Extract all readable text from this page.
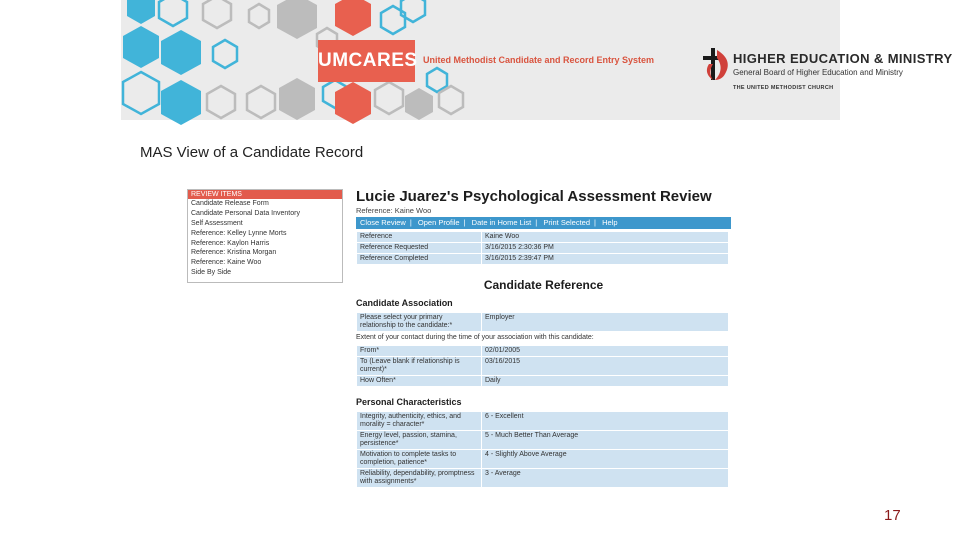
UMCARES United Methodist Candidate and Record Entry System	HIGHER EDUCATION & MINISTRY
General Board of Higher Education and Ministry
THE UNITED METHODIST CHURCH
MAS View of a Candidate Record
REVIEW ITEMS
Candidate Release Form
Candidate Personal Data Inventory
Self Assessment
Reference: Kelley Lynne Morts
Reference: Kaylon Harris
Reference: Kristina Morgan
Reference: Kaine Woo
Side By Side
Lucie Juarez's Psychological Assessment Review
Reference: Kaine Woo
Close Review | Open Profile | Date in Home List | Print Selected | Help
Reference	Kaine Woo
Reference Requested	3/16/2015 2:30:36 PM
Reference Completed	3/16/2015 2:39:47 PM
Candidate Reference
Candidate Association
Please select your primary relationship to the candidate:*	Employer
Extent of your contact during the time of your association with this candidate:
From*	02/01/2005
To (Leave blank if relationship is current)*	03/16/2015
How Often*	Daily
Personal Characteristics
Integrity, authenticity, ethics, and morality = character*	6 - Excellent
Energy level, passion, stamina, persistence*	5 - Much Better Than Average
Motivation to complete tasks to completion, patience*	4 - Slightly Above Average
Reliability, dependability, promptness with assignments*	3 - Average
17
